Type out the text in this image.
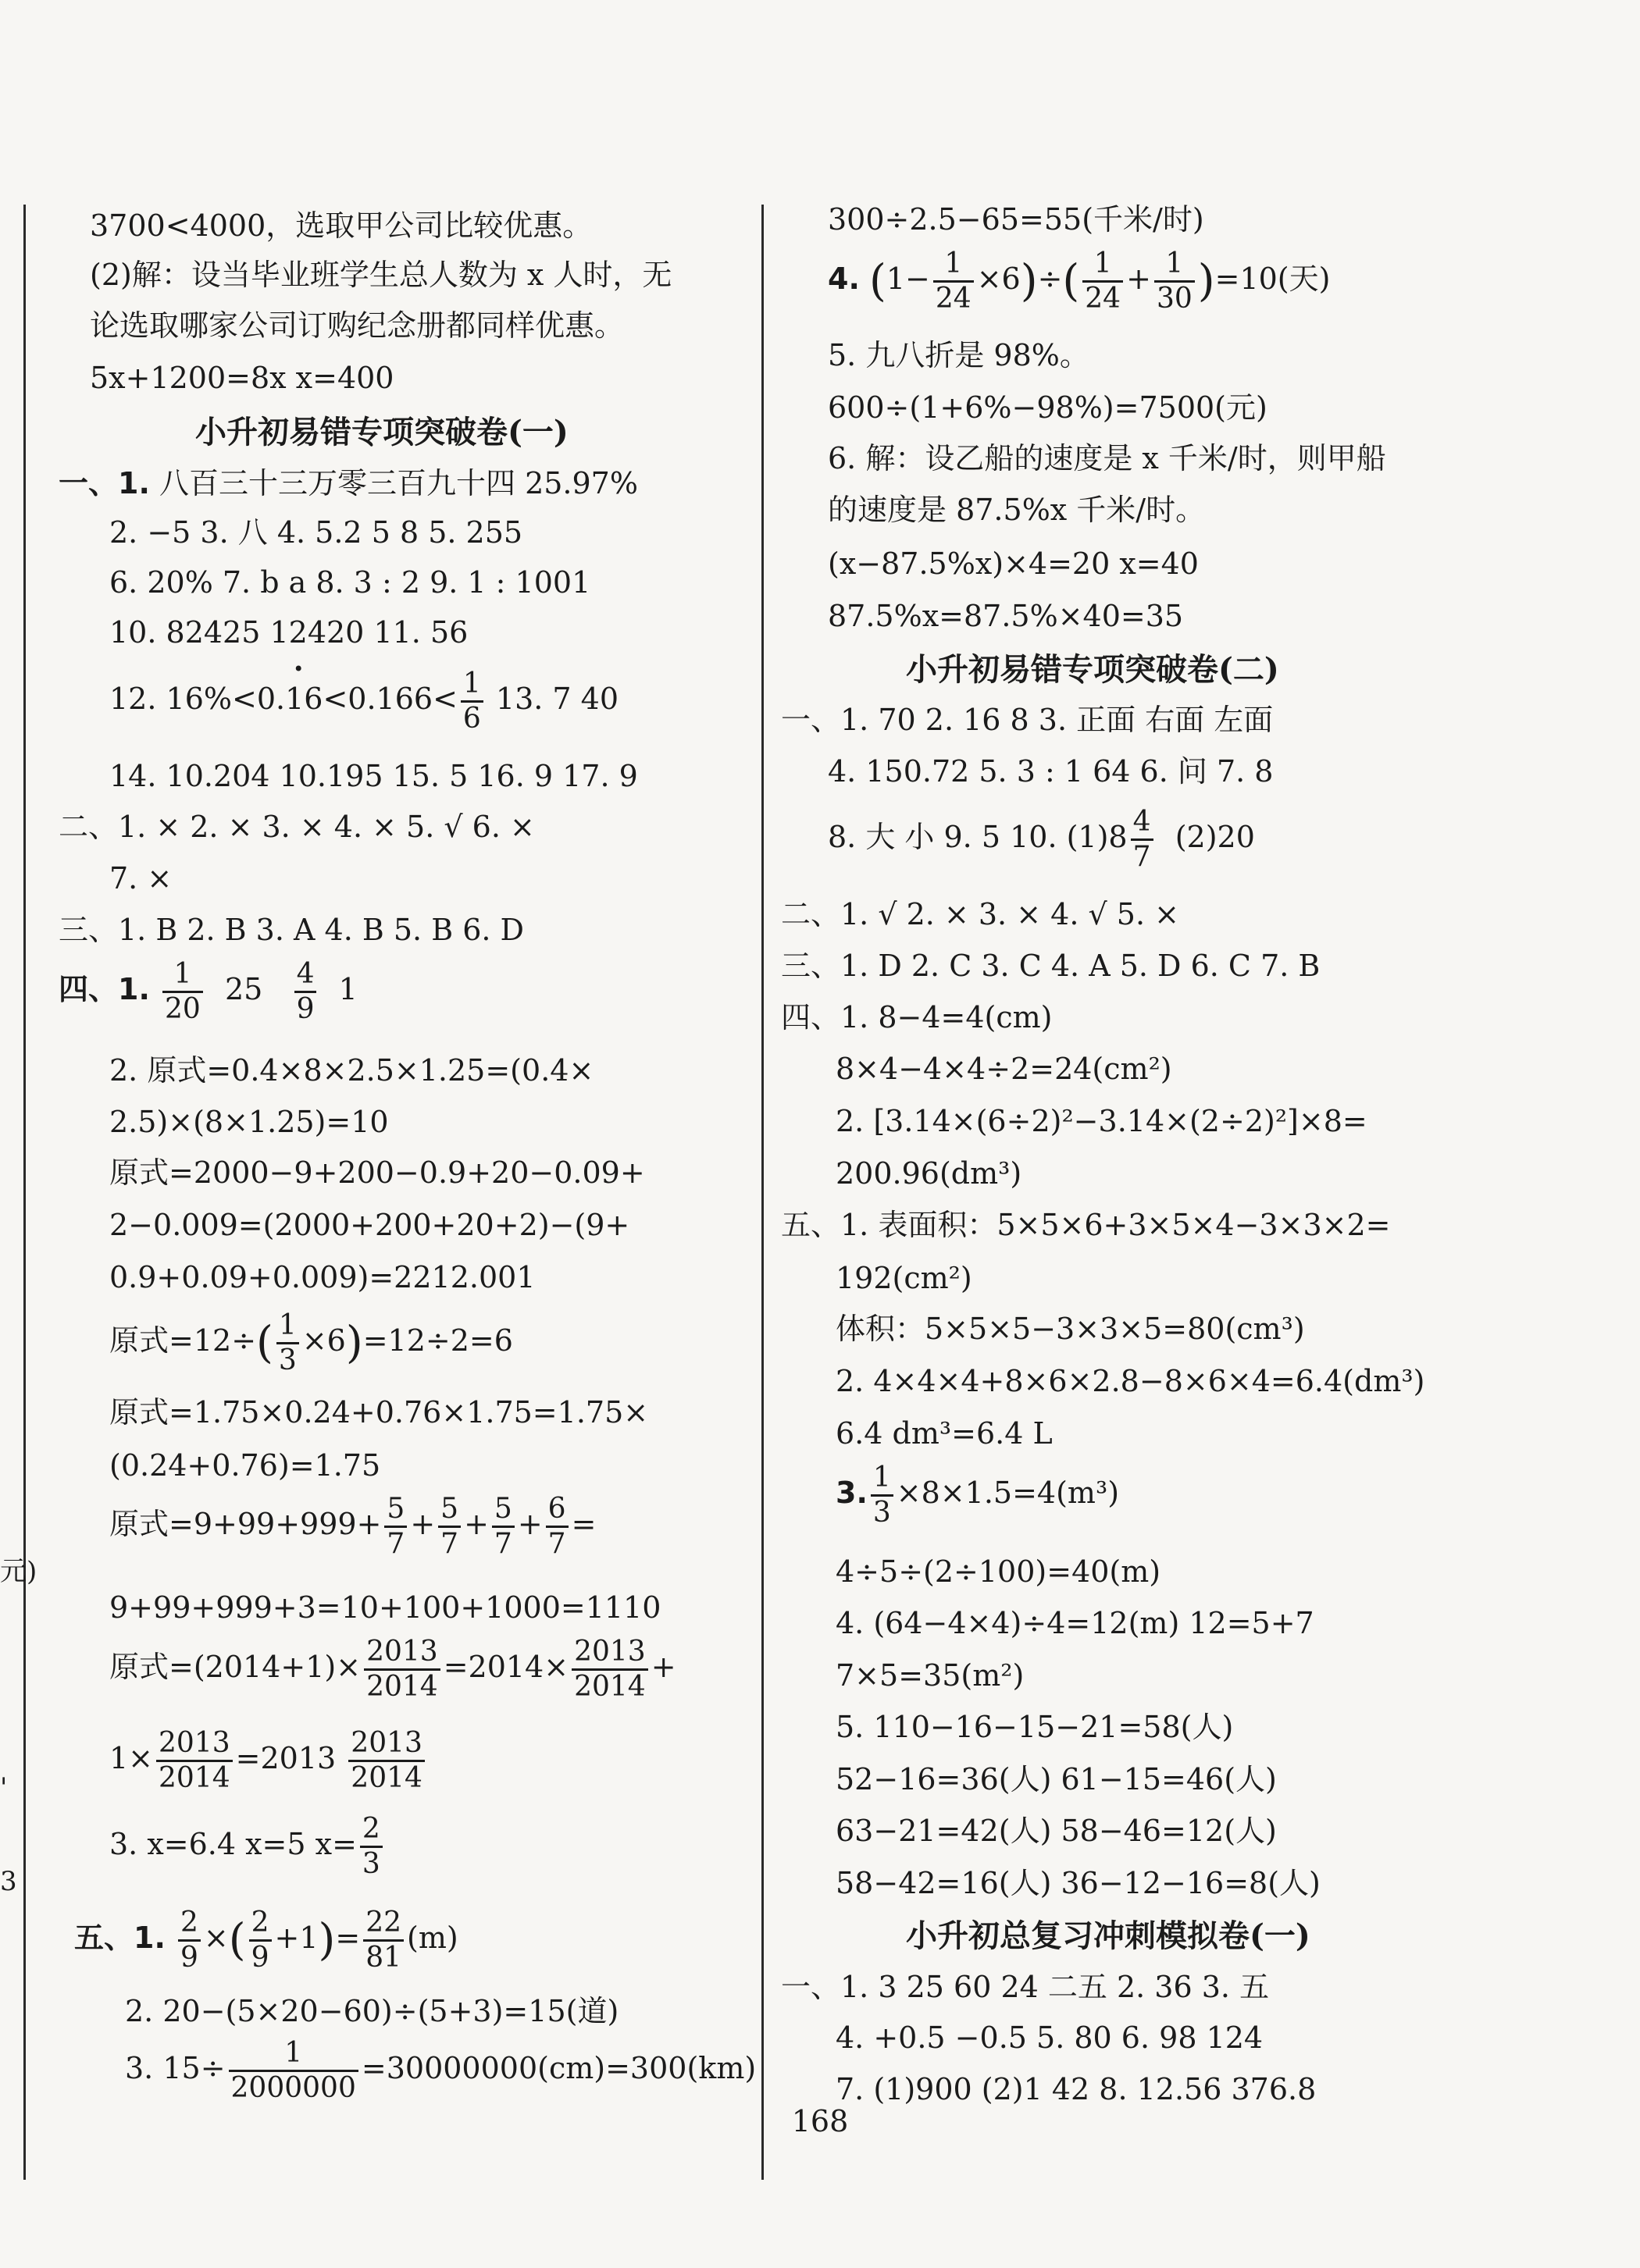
元)
'
3
3700<4000，选取甲公司比较优惠。
(2)解：设当毕业班学生总人数为 x 人时，无
论选取哪家公司订购纪念册都同样优惠。
5x+1200=8x x=400
小升初易错专项突破卷(一)
一、1. 八百三十三万零三百九十四 25.97%
2. −5 3. 八 4. 5.2 5 8 5. 255
6. 20% 7. b a 8. 3 : 2 9. 1 : 1001
10. 82425 12420 11. 56
12. 16%<0.• $16<0.166< \frac{1}{6} 13$. 7 40
14. 10.204 10.195 15. 5 16. 9 17. 9
二、1. × 2. × 3. × 4. × 5. √ 6. ×
7. ×
三、1. B 2. B 3. A 4. B 5. B 6. D
四、1. $\frac{1}{20} 25 \frac{4}{9} 1$
2. 原式=0.4×8×2.5×1.25=(0.4×
2.5)×(8×1.25)=10
原式=2000−9+200−0.9+20−0.09+
2−0.009=(2000+200+20+2)−(9+
0.9+0.09+0.009)=2212.001
原式$=12\div( \frac{1}{3} \times 6)=12\div 2=6$
原式=1.75×0.24+0.76×1.75=1.75×
(0.24+0.76)=1.75
原式$=9+99+999+ \frac{5}{7} + \frac{5}{7} + \frac{5}{7} + \frac{6}{7}$ =
9+99+999+3=10+100+1000=1110
原式$=(2014+1)\times \frac{2013}{2014} =2014\times \frac{2013}{2014}$ +
$1\times \frac{2013}{2014} =2013 \frac{2013}{2014}$
3. x=6.4 x=5 $x= \frac{2}{3}$
五、1. $\frac{2}{9}$ ×( $\frac{2}{9} +1)= \frac{22}{81} (m)$
2. 20−(5×20−60)÷(5+3)=15(道)
3. $15\div \frac{1}{2000000} =30000000(cm)=300(km)$
300÷2.5−65=55(千米/时)
4. $(1- \frac{1}{24} \times 6)\div( \frac{1}{24} + \frac{1}{30} )=10$(天)
5. 九八折是 98%。
600÷(1+6%−98%)=7500(元)
6. 解：设乙船的速度是 x 千米/时，则甲船
的速度是 87.5%x 千米/时。
(x−87.5%x)×4=20 x=40
87.5%x=87.5%×40=35
小升初易错专项突破卷(二)
一、1. 70 2. 16 8 3. 正面 右面 左面
4. 150.72 5. 3 : 1 64 6. 问 7. 8
8. 大 小 9. 5 10. $(1)8 \frac{4}{7} (2)20$
二、1. √ 2. × 3. × 4. √ 5. ×
三、1. D 2. C 3. C 4. A 5. D 6. C 7. B
四、1. 8−4=4(cm)
8×4−4×4÷2=24(cm²)
2. [3.14×(6÷2)²−3.14×(2÷2)²]×8=
200.96(dm³)
五、1. 表面积：5×5×6+3×5×4−3×3×2=
192(cm²)
体积：5×5×5−3×3×5=80(cm³)
2. 4×4×4+8×6×2.8−8×6×4=6.4(dm³)
6.4 dm³=6.4 L
3. $\frac{1}{3} \times 8\times 1.5=4(m^3)$
4÷5÷(2÷100)=40(m)
4. (64−4×4)÷4=12(m) 12=5+7
7×5=35(m²)
5. 110−16−15−21=58(人)
52−16=36(人) 61−15=46(人)
63−21=42(人) 58−46=12(人)
58−42=16(人) 36−12−16=8(人)
小升初总复习冲刺模拟卷(一)
一、1. 3 25 60 24 二五 2. 36 3. 五
4. +0.5 −0.5 5. 80 6. 98 124
7. (1)900 (2)1 42 8. 12.56 376.8
168
